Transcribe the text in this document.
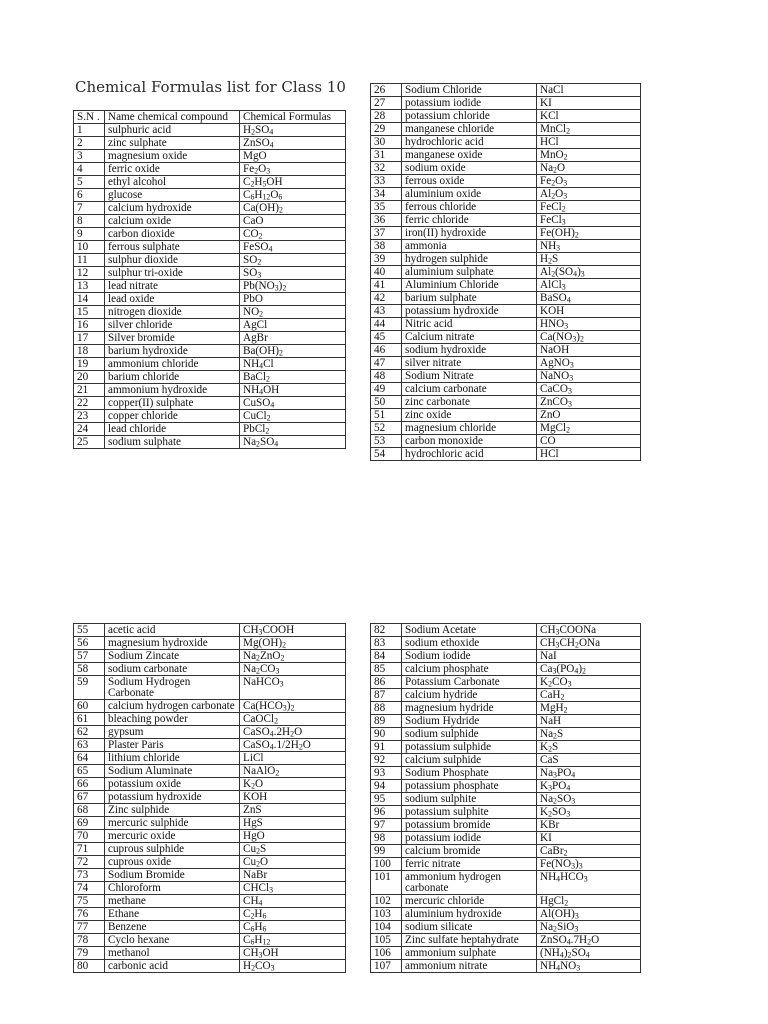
Chemical Formulas list for Class 10
S.N .	Name chemical compound	Chemical Formulas
1	sulphuric acid	$H_2SO_4$
2	zinc sulphate	ZnSO$_4$
3	magnesium oxide	MgO
4	ferric oxide	$Fe_2O_3$
5	ethyl alcohol	$C_2H_5OH$
6	glucose	$C_6H_{12}O_6$
7	calcium hydroxide	$Ca(OH)_2$
8	calcium oxide	CaO
9	carbon dioxide	$CO_2$
10	ferrous sulphate	FeSO$_4$
11	sulphur dioxide	$SO_2$
12	sulphur tri-oxide	$SO_3$
13	lead nitrate	$Pb(NO_3)_2$
14	lead oxide	PbO
15	nitrogen dioxide	$NO_2$
16	silver chloride	AgCl
17	Silver bromide	AgBr
18	barium hydroxide	$Ba(OH)_2$
19	ammonium chloride	$NH_4Cl$
20	barium chloride	BaCl$_2$
21	ammonium hydroxide	$NH_4OH$
22	copper(II) sulphate	CuSO$_4$
23	copper chloride	CuCl$_2$
24	lead chloride	PbCl$_2$
25	sodium sulphate	$Na_2SO_4$
26	Sodium Chloride	NaCl
27	potassium iodide	KI
28	potassium chloride	KCl
29	manganese chloride	MnCl$_2$
30	hydrochloric acid	HCl
31	manganese oxide	MnO$_2$
32	sodium oxide	$Na_2O$
33	ferrous oxide	$Fe_2O_3$
34	aluminium oxide	$Al_2O_3$
35	ferrous chloride	FeCl$_2$
36	ferric chloride	FeCl$_3$
37	iron(II) hydroxide	$Fe(OH)_2$
38	ammonia	$NH_3$
39	hydrogen sulphide	$H_2S$
40	aluminium sulphate	$Al_2(SO_4)_3$
41	Aluminium Chloride	AlCl$_3$
42	barium sulphate	BaSO$_4$
43	potassium hydroxide	KOH
44	Nitric acid	$HNO_3$
45	Calcium nitrate	$Ca(NO_3)_2$
46	sodium hydroxide	NaOH
47	silver nitrate	AgNO$_3$
48	Sodium Nitrate	NaNO$_3$
49	calcium carbonate	CaCO$_3$
50	zinc carbonate	ZnCO$_3$
51	zinc oxide	ZnO
52	magnesium chloride	MgCl$_2$
53	carbon monoxide	CO
54	hydrochloric acid	HCl
55	acetic acid	$CH_3COOH$
56	magnesium hydroxide	$Mg(OH)_2$
57	Sodium Zincate	$Na_2ZnO_2$
58	sodium carbonate	$Na_2CO_3$
59	Sodium Hydrogen Carbonate	NaHCO$_3$
60	calcium hydrogen carbonate	$Ca(HCO_3)_2$
61	bleaching powder	CaOCl$_2$
62	gypsum	$CaSO_4.2H_2O$
63	Plaster Paris	$CaSO_4.1/2H_2O$
64	lithium chloride	LiCl
65	Sodium Aluminate	NaAlO$_2$
66	potassium oxide	$K_2O$
67	potassium hydroxide	KOH
68	Zinc sulphide	ZnS
69	mercuric sulphide	HgS
70	mercuric oxide	HgO
71	cuprous sulphide	$Cu_2S$
72	cuprous oxide	$Cu_2O$
73	Sodium Bromide	NaBr
74	Chloroform	CHCl$_3$
75	methane	$CH_4$
76	Ethane	$C_2H_6$
77	Benzene	$C_6H_6$
78	Cyclo hexane	$C_6H_{12}$
79	methanol	$CH_3OH$
80	carbonic acid	$H_2CO_3$
82	Sodium Acetate	$CH_3COONa$
83	sodium ethoxide	$CH_3CH_2ONa$
84	Sodium iodide	NaI
85	calcium phosphate	$Ca_3(PO_4)_2$
86	Potassium Carbonate	$K_2CO_3$
87	calcium hydride	CaH$_2$
88	magnesium hydride	MgH$_2$
89	Sodium Hydride	NaH
90	sodium sulphide	$Na_2S$
91	potassium sulphide	$K_2S$
92	calcium sulphide	CaS
93	Sodium Phosphate	$Na_3PO_4$
94	potassium phosphate	$K_3PO_4$
95	sodium sulphite	$Na_2SO_3$
96	potassium sulphite	$K_2SO_3$
97	potassium bromide	KBr
98	potassium iodide	KI
99	calcium bromide	CaBr$_2$
100	ferric nitrate	$Fe(NO_3)_3$
101	ammonium hydrogen carbonate	$NH_4HCO_3$
102	mercuric chloride	HgCl$_2$
103	aluminium hydroxide	$Al(OH)_3$
104	sodium silicate	$Na_2SiO_3$
105	Zinc sulfate heptahydrate	$ZnSO_4.7H_2O$
106	ammonium sulphate	$(NH_4)_2SO_4$
107	ammonium nitrate	$NH_4NO_3$
